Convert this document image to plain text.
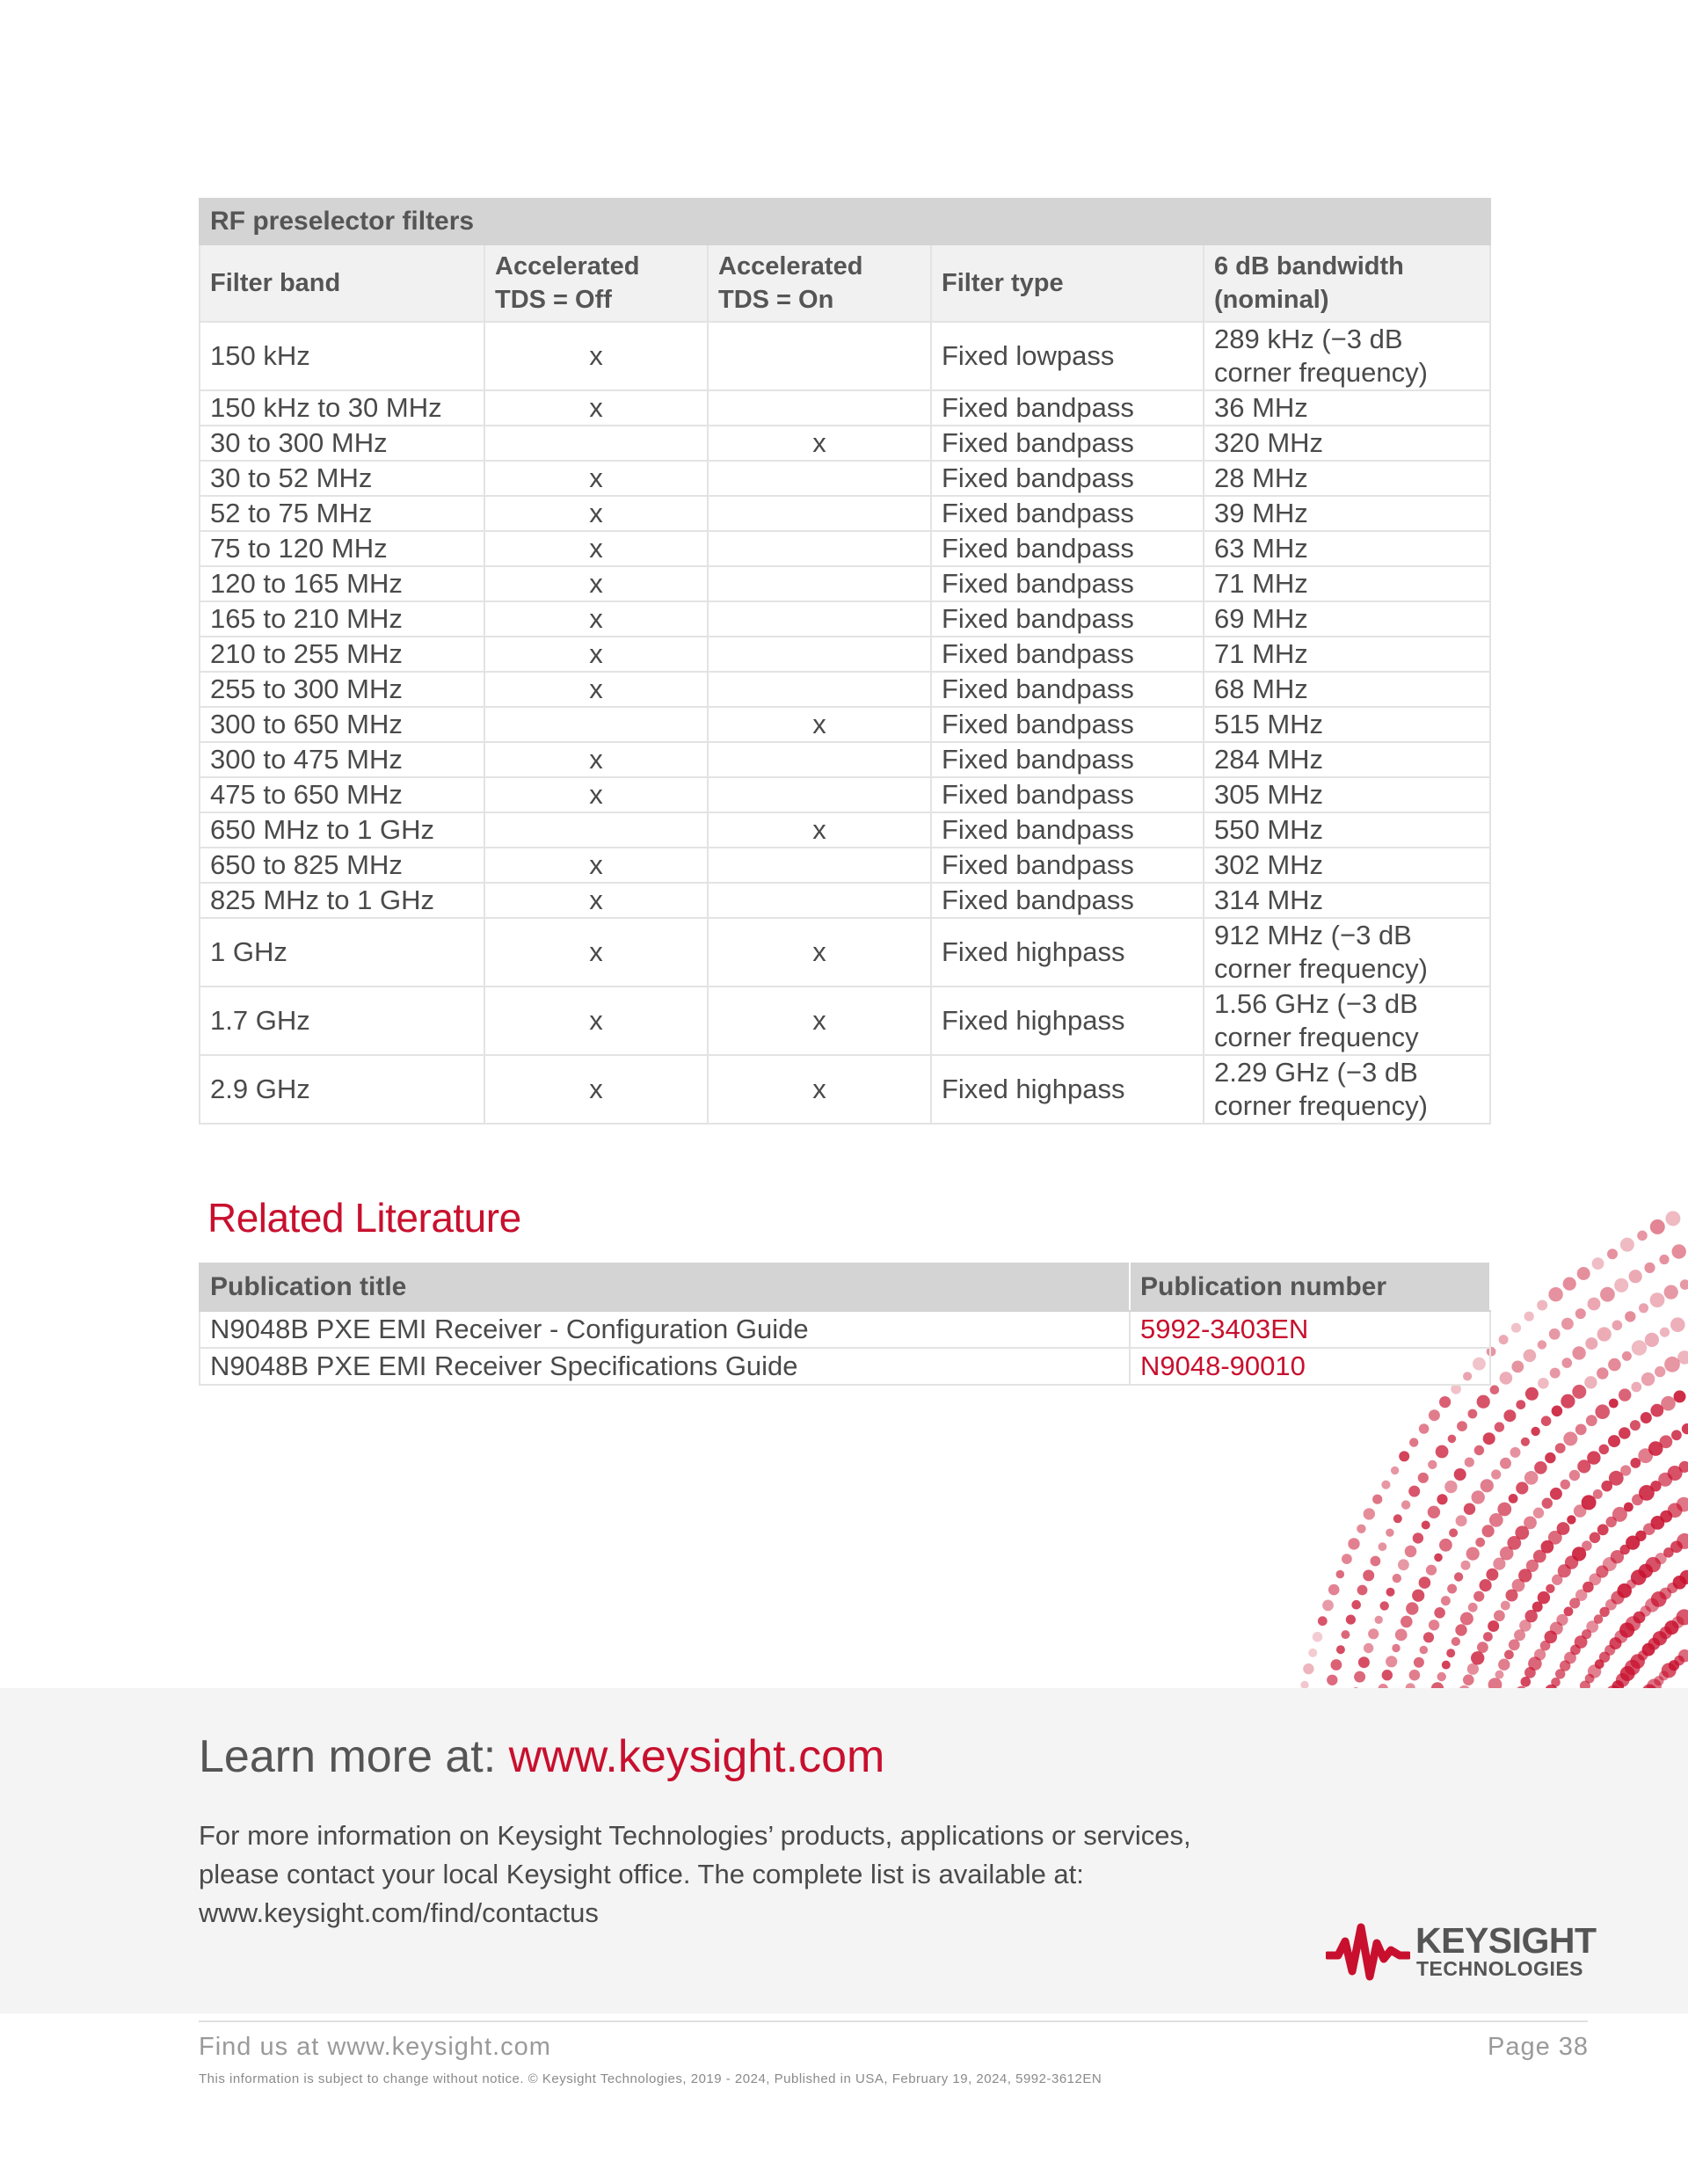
RF preselector filters				
Filter band	Accelerated TDS = Off	Accelerated TDS = On	Filter type	6 dB bandwidth (nominal)
150 kHz	x		Fixed lowpass	289 kHz (−3 dB corner frequency)
150 kHz to 30 MHz	x		Fixed bandpass	36 MHz
30 to 300 MHz		x	Fixed bandpass	320 MHz
30 to 52 MHz	x		Fixed bandpass	28 MHz
52 to 75 MHz	x		Fixed bandpass	39 MHz
75 to 120 MHz	x		Fixed bandpass	63 MHz
120 to 165 MHz	x		Fixed bandpass	71 MHz
165 to 210 MHz	x		Fixed bandpass	69 MHz
210 to 255 MHz	x		Fixed bandpass	71 MHz
255 to 300 MHz	x		Fixed bandpass	68 MHz
300 to 650 MHz		x	Fixed bandpass	515 MHz
300 to 475 MHz	x		Fixed bandpass	284 MHz
475 to 650 MHz	x		Fixed bandpass	305 MHz
650 MHz to 1 GHz		x	Fixed bandpass	550 MHz
650 to 825 MHz	x		Fixed bandpass	302 MHz
825 MHz to 1 GHz	x		Fixed bandpass	314 MHz
1 GHz	x	x	Fixed highpass	912 MHz (−3 dB corner frequency)
1.7 GHz	x	x	Fixed highpass	1.56 GHz (−3 dB corner frequency
2.9 GHz	x	x	Fixed highpass	2.29 GHz (−3 dB corner frequency)
Related Literature
Publication title	Publication number
N9048B PXE EMI Receiver - Configuration Guide	5992-3403EN
N9048B PXE EMI Receiver Specifications Guide	N9048-90010
Learn more at: www.keysight.com
For more information on Keysight Technologies’ products, applications or services, please contact your local Keysight office. The complete list is available at: www.keysight.com/find/contactus
KEYSIGHT
TECHNOLOGIES
Find us at www.keysight.com	Page 38
This information is subject to change without notice. © Keysight Technologies, 2019 - 2024, Published in USA, February 19, 2024, 5992-3612EN
